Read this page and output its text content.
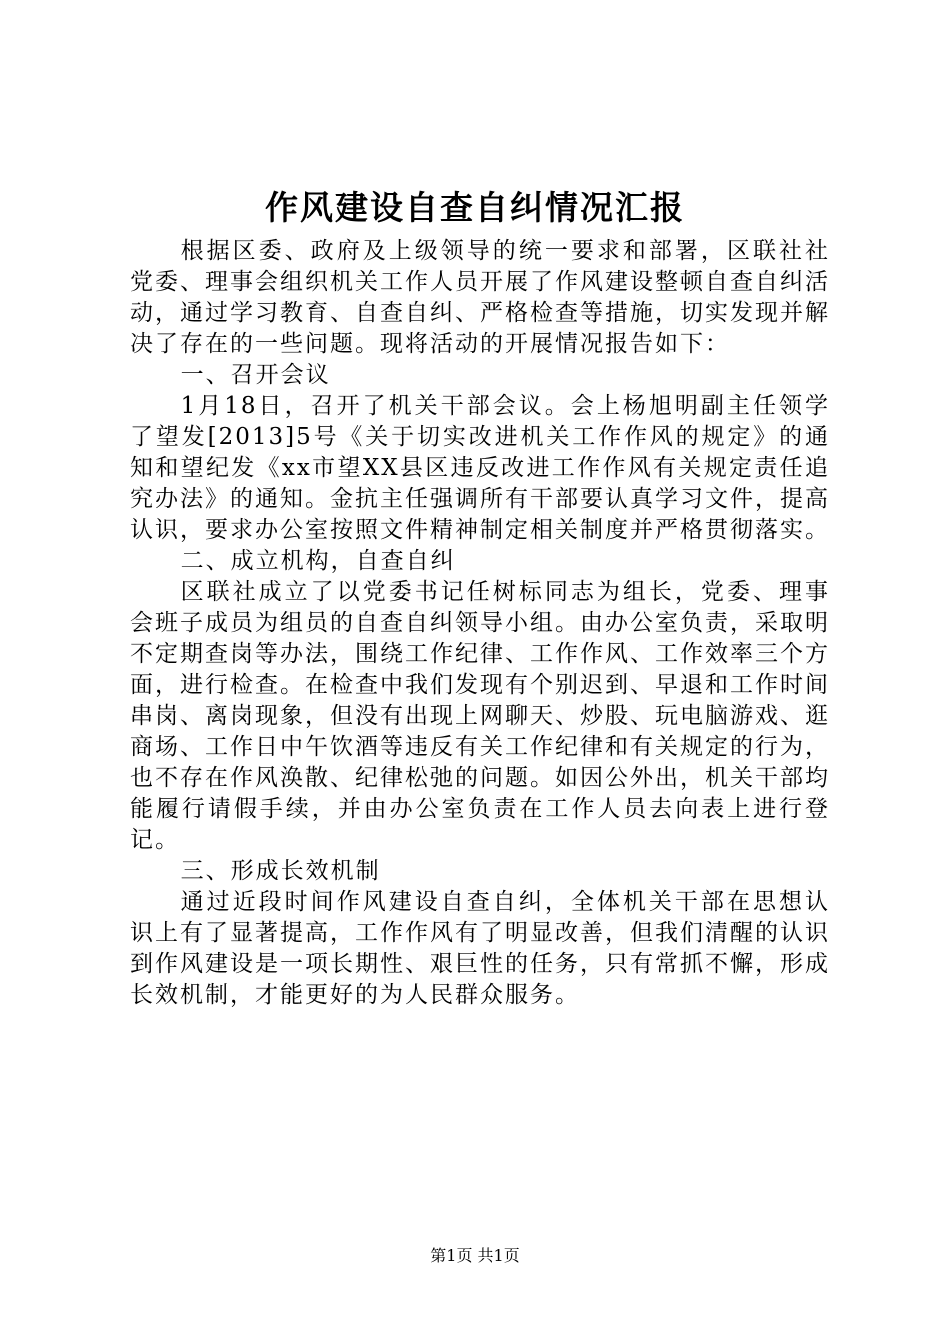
作风建设自查自纠情况汇报

根据区委、政府及上级领导的统一要求和部署，区联社社党委、理事会组织机关工作人员开展了作风建设整顿自查自纠活动，通过学习教育、自查自纠、严格检查等措施，切实发现并解决了存在的一些问题。现将活动的开展情况报告如下：

一、召开会议

1月18日，召开了机关干部会议。会上杨旭明副主任领学了望发[2013]5号《关于切实改进机关工作作风的规定》的通知和望纪发《xx市望XX县区违反改进工作作风有关规定责任追究办法》的通知。金抗主任强调所有干部要认真学习文件，提高认识，要求办公室按照文件精神制定相关制度并严格贯彻落实。

二、成立机构，自查自纠

区联社成立了以党委书记任树标同志为组长，党委、理事会班子成员为组员的自查自纠领导小组。由办公室负责，采取明不定期查岗等办法，围绕工作纪律、工作作风、工作效率三个方面，进行检查。在检查中我们发现有个别迟到、早退和工作时间串岗、离岗现象，但没有出现上网聊天、炒股、玩电脑游戏、逛商场、工作日中午饮酒等违反有关工作纪律和有关规定的行为，也不存在作风涣散、纪律松弛的问题。如因公外出，机关干部均能履行请假手续，并由办公室负责在工作人员去向表上进行登记。

三、形成长效机制

通过近段时间作风建设自查自纠，全体机关干部在思想认识上有了显著提高，工作作风有了明显改善，但我们清醒的认识到作风建设是一项长期性、艰巨性的任务，只有常抓不懈，形成长效机制，才能更好的为人民群众服务。

第1页 共1页
